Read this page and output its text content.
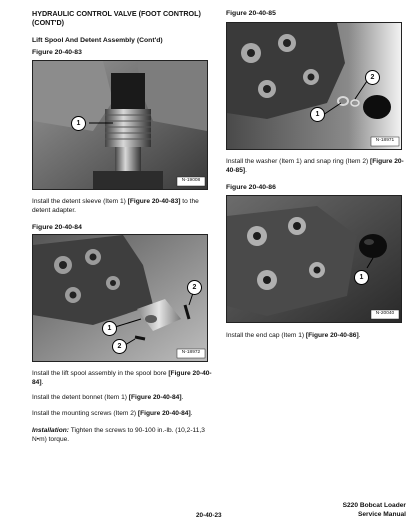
HYDRAULIC CONTROL VALVE (FOOT CONTROL)
(CONT'D)
Lift Spool And Detent Assembly (Cont'd)
Figure 20-40-83
1
N-19008
Install the detent sleeve (Item 1) [Figure 20-40-83] to the detent adapter.
Figure 20-40-84
2
1
2
N-18972
Install the lift spool assembly in the spool bore [Figure 20-40-84].
Install the detent bonnet (Item 1) [Figure 20-40-84].
Install the mounting screws (Item 2) [Figure 20-40-84].
Installation: Tighten the screws to 90-100 in.-lb. (10,2-11,3 N•m) torque.
Figure 20-40-85
2
1
N-18971
Install the washer (Item 1) and snap ring (Item 2) [Figure 20-40-85].
Figure 20-40-86
1
N-20040
Install the end cap (Item 1) [Figure 20-40-86].
S220 Bobcat Loader
Service Manual
20-40-23
